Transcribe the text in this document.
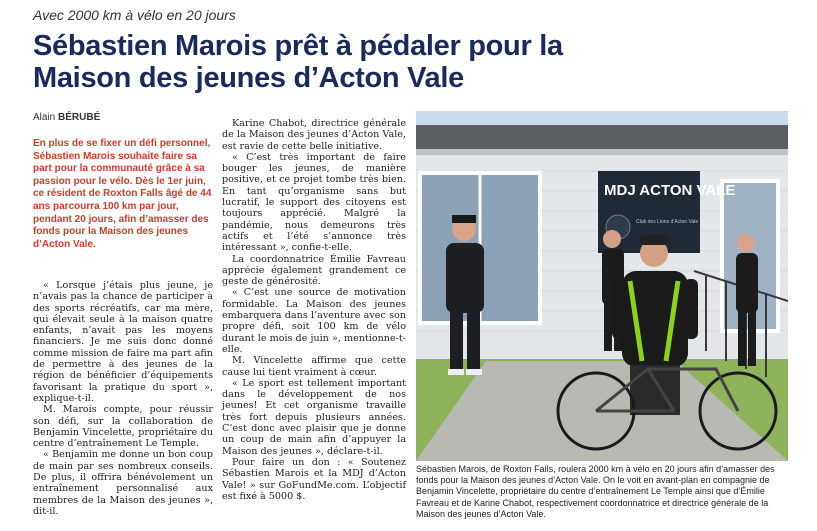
Avec 2000 km à vélo en 20 jours
Sébastien Marois prêt à pédaler pour la Maison des jeunes d’Acton Vale
Alain BÉRUBÉ
En plus de se fixer un défi personnel, Sébastien Marois souhaite faire sa part pour la communauté grâce à sa passion pour le vélo. Dès le 1er juin, ce résident de Roxton Falls âgé de 44 ans parcourra 100 km par jour, pendant 20 jours, afin d’amasser des fonds pour la Maison des jeunes d’Acton Vale.

« Lorsque j’étais plus jeune, je n’avais pas la chance de participer à des sports récréatifs, car ma mère, qui élevait seule à la maison quatre enfants, n’avait pas les moyens financiers. Je me suis donc donné comme mission de faire ma part afin de permettre à des jeunes de la région de bénéficier d’équipements favorisant la pratique du sport », explique-t-il.

M. Marois compte, pour réussir son défi, sur la collaboration de Benjamin Vincelette, propriétaire du centre d’entraînement Le Temple.

« Benjamin me donne un bon coup de main par ses nombreux conseils. De plus, il offrira bénévolement un entraînement personnalisé aux membres de la Maison des jeunes », dit-il.

Karine Chabot, directrice générale de la Maison des jeunes d’Acton Vale, est ravie de cette belle initiative.

« C’est très important de faire bouger les jeunes, de manière positive, et ce projet tombe très bien. En tant qu’organisme sans but lucratif, le support des citoyens est toujours apprécié. Malgré la pandémie, nous demeurons très actifs et l’été s’annonce très intéressant », confie-t-elle.

La coordonnatrice Émilie Favreau apprécie également grandement ce geste de générosité.

« C’est une source de motivation formidable. La Maison des jeunes embarquera dans l’aventure avec son propre défi, soit 100 km de vélo durant le mois de juin », mentionne-t-elle.

M. Vincelette affirme que cette cause lui tient vraiment à cœur.

« Le sport est tellement important dans le développement de nos jeunes! Et cet organisme travaille très fort depuis plusieurs années. C’est donc avec plaisir que je donne un coup de main afin d’appuyer la Maison des jeunes », déclare-t-il.

Pour faire un don : « Soutenez Sébastien Marois et la MDJ d’Acton Vale! » sur GoFundMe.com. L’objectif est fixé à 5000 $.

MDJ ACTON VALE
Club des Lions d’Acton Vale
Sébastien Marois, de Roxton Falls, roulera 2000 km à vélo en 20 jours afin d’amasser des fonds pour la Maison des jeunes d’Acton Vale. On le voit en avant-plan en compagnie de Benjamin Vincelette, propriétaire du centre d’entraînement Le Temple ainsi que d’Émilie Favreau et de Karine Chabot, respectivement coordonnatrice et directrice générale de la Maison des jeunes d’Acton Vale.
